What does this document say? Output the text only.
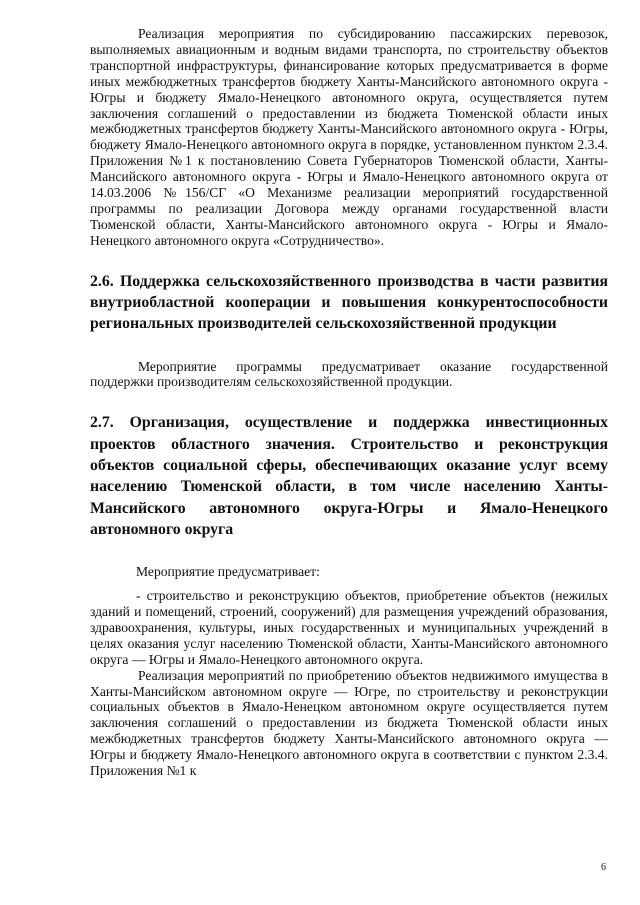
Реализация мероприятия по субсидированию пассажирских перевозок, выполняемых авиационным и водным видами транспорта, по строительству объектов транспортной инфраструктуры, финансирование которых предусматривается в форме иных межбюджетных трансфертов бюджету Ханты-Мансийского автономного округа - Югры и бюджету Ямало-Ненецкого автономного округа, осуществляется путем заключения соглашений о предоставлении из бюджета Тюменской области иных межбюджетных трансфертов бюджету Ханты-Мансийского автономного округа - Югры, бюджету Ямало-Ненецкого автономного округа в порядке, установленном пунктом 2.3.4. Приложения №1 к постановлению Совета Губернаторов Тюменской области, Ханты-Мансийского автономного округа - Югры и Ямало-Ненецкого автономного округа от 14.03.2006 №156/СГ «О Механизме реализации мероприятий государственной программы по реализации Договора между органами государственной власти Тюменской области, Ханты-Мансийского автономного округа - Югры и Ямало-Ненецкого автономного округа «Сотрудничество».

2.6. Поддержка сельскохозяйственного производства в части развития внутриобластной кооперации и повышения конкурентоспособности региональных производителей сельскохозяйственной продукции

Мероприятие программы предусматривает оказание государственной поддержки производителям сельскохозяйственной продукции.

2.7. Организация, осуществление и поддержка инвестиционных проектов областного значения. Строительство и реконструкция объектов социальной сферы, обеспечивающих оказание услуг всему населению Тюменской области, в том числе населению Ханты-Мансийского автономного округа-Югры и Ямало-Ненецкого автономного округа

Мероприятие предусматривает:

- строительство и реконструкцию объектов, приобретение объектов (нежилых зданий и помещений, строений, сооружений) для размещения учреждений образования, здравоохранения, культуры, иных государственных и муниципальных учреждений в целях оказания услуг населению Тюменской области, Ханты-Мансийского автономного округа — Югры и Ямало-Ненецкого автономного округа.

Реализация мероприятий по приобретению объектов недвижимого имущества в Ханты-Мансийском автономном округе — Югре, по строительству и реконструкции социальных объектов в Ямало-Ненецком автономном округе осуществляется путем заключения соглашений о предоставлении из бюджета Тюменской области иных межбюджетных трансфертов бюджету Ханты-Мансийского автономного округа — Югры и бюджету Ямало-Ненецкого автономного округа в соответствии с пунктом 2.3.4. Приложения №1 к

6
